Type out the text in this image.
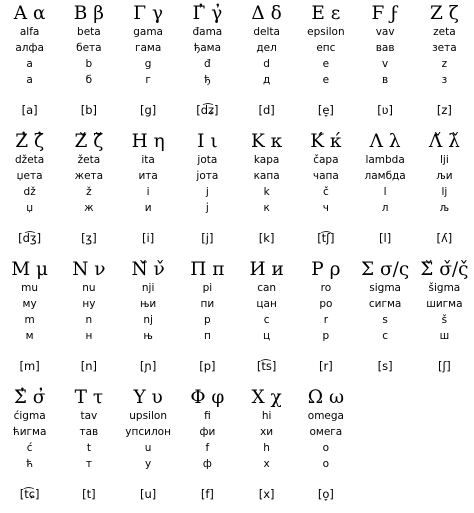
Α α
alfa
алфа
a
а
[a]
Β β
beta
бета
b
б
[b]
Γ γ
gama
гама
g
г
[g]
Γ̓ γ̓
đama
ђама
đ
ђ
[d͡ʑ]
Δ δ
delta
дел
d
д
[d]
Ε ε
epsilon
епс
e
е
[e̞]
Ϝ ϝ
vav
вав
v
в
[ʋ]
Ζ ζ
zeta
зета
z
з
[z]
Ζ̓ ζ̓
džeta
џета
dž
џ
[d͡ʒ]
Ζ̌ ζ̌
žeta
жета
ž
ж
[ʒ]
Η η
ita
ита
i
и
[i]
Ι ι
jota
јота
j
ј
[j]
Κ κ
kapa
капа
k
к
[k]
Κ́ κ́
čapa
чапа
č
ч
[t͡ʃ]
Λ λ
lambda
ламбда
l
л
[l]
Λ̌ λ̌
lji
љи
lj
љ
[ʎ]
Μ μ
mu
му
m
м
[m]
Ν ν
nu
ну
n
н
[n]
Ν̌ ν̌
nji
њи
nj
њ
[ɲ]
Π π
pi
пи
p
п
[p]
И и
can
цан
c
ц
[t͡s]
Ρ ρ
ro
ро
r
р
[r]
Σ σ/ς
sigma
сигма
s
с
[s]
Σ̌ σ̌/ς̌
šigma
шигма
š
ш
[ʃ]
Σ̓ σ̓
ćigma
ћигма
ć
ћ
[t͡ɕ]
Τ τ
tav
тав
t
т
[t]
Υ υ
upsilon
упсилон
u
у
[u]
Φ φ
fi
фи
f
ф
[f]
Χ χ
hi
хи
h
х
[x]
Ω ω
omega
омега
o
о
[o̞]
